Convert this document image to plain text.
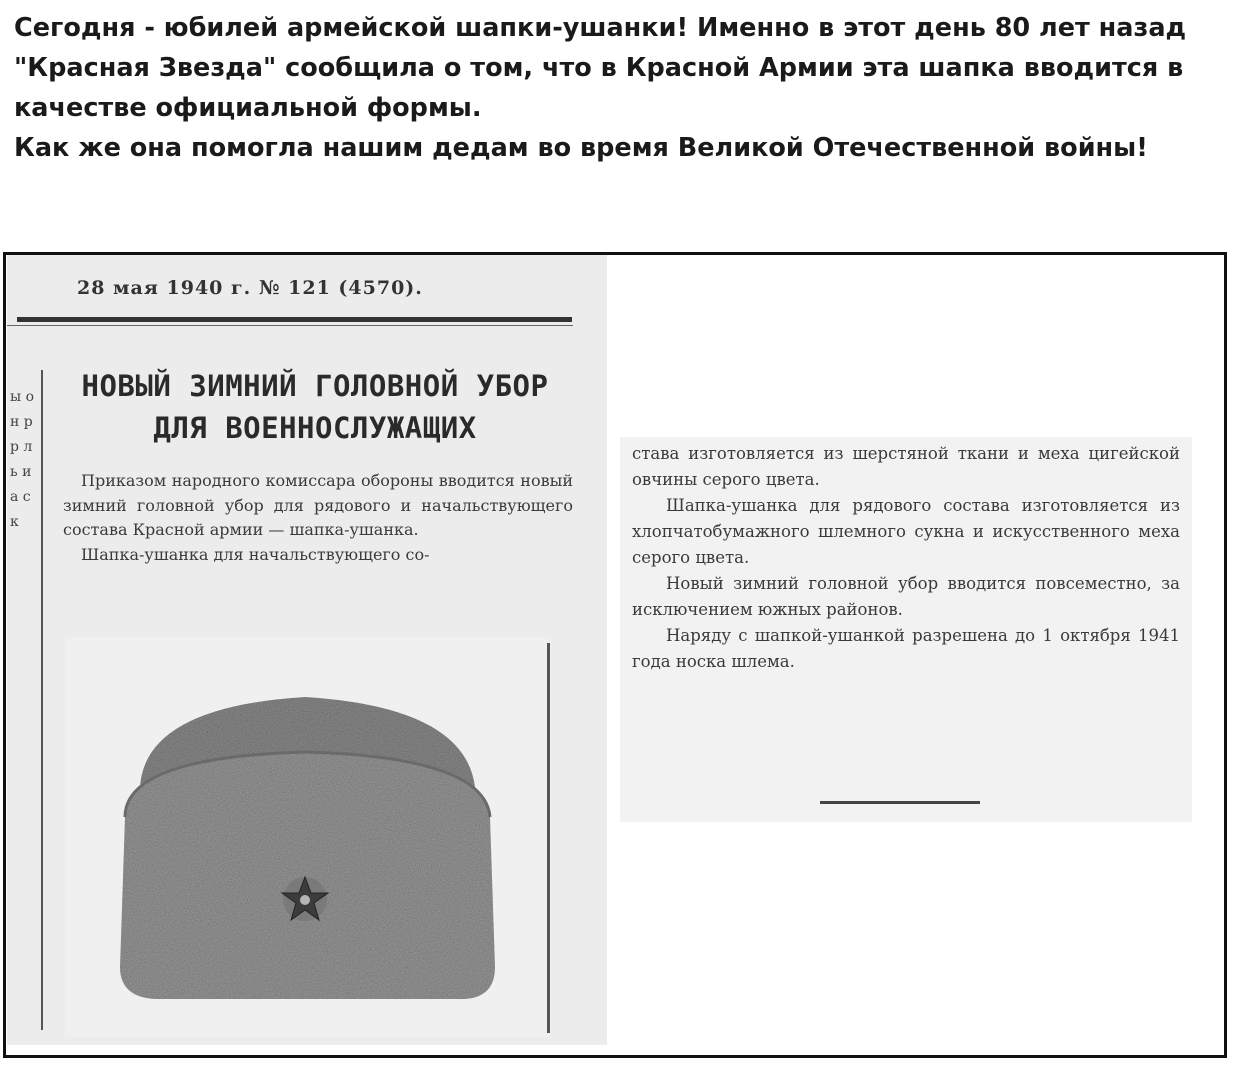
Сегодня - юбилей армейской шапки-ушанки! Именно в этот день 80 лет назад "Красная Звезда" сообщила о том, что в Красной Армии эта шапка вводится в качестве официальной формы.

Как же она помогла нашим дедам во время Великой Отечественной войны!

28 мая 1940 г. № 121 (4570).
ы о н р р л ь и а с к
НОВЫЙ ЗИМНИЙ ГОЛОВНОЙ УБОР
ДЛЯ ВОЕННОСЛУЖАЩИХ

Приказом народного комиссара обороны вводится новый зимний головной убор для рядового и начальствующего состава Красной армии — шапка-ушанка.

Шапка-ушанка для начальствующего со-

става изготовляется из шерстяной ткани и меха цигейской овчины серого цвета.

Шапка-ушанка для рядового состава изготовляется из хлопчатобумажного шлемного сукна и искусственного меха серого цвета.

Новый зимний головной убор вводится повсеместно, за исключением южных районов.

Наряду с шапкой-ушанкой разрешена до 1 октября 1941 года носка шлема.
